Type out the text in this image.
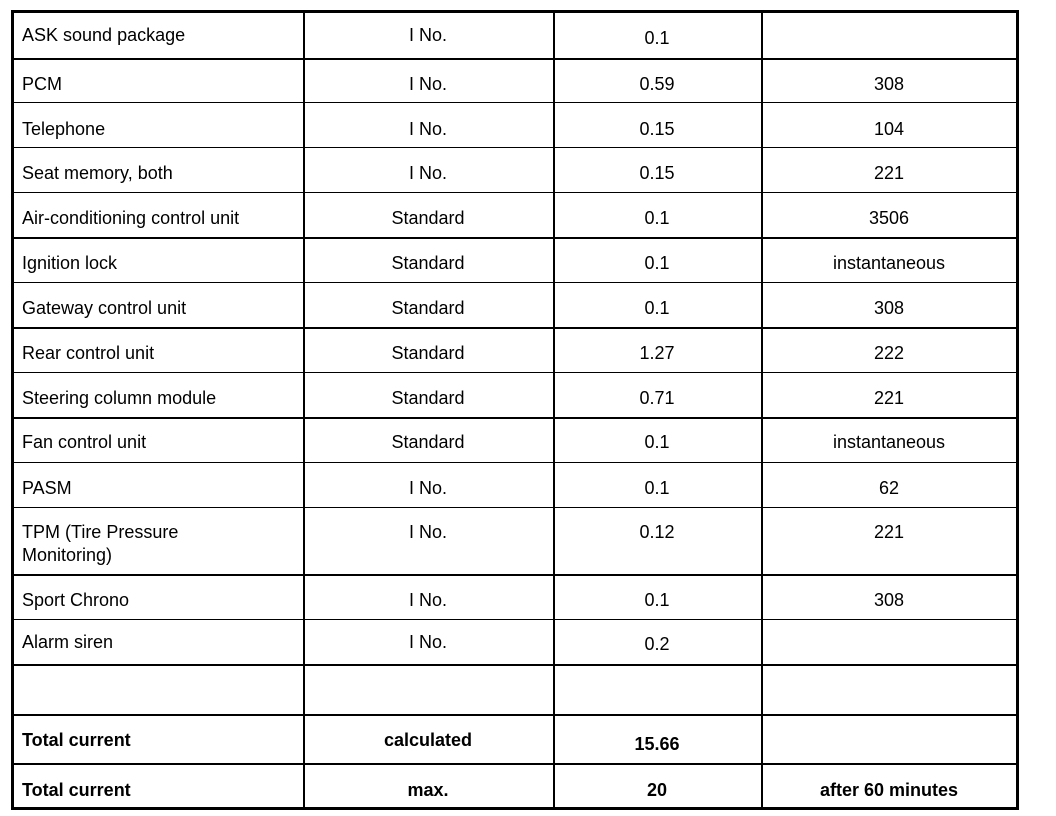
ASK sound package	I No.	0.1
PCM	I No.	0.59	308
Telephone	I No.	0.15	104
Seat memory, both	I No.	0.15	221
Air-conditioning control unit	Standard	0.1	3506
Ignition lock	Standard	0.1	instantaneous
Gateway control unit	Standard	0.1	308
Rear control unit	Standard	1.27	222
Steering column module	Standard	0.71	221
Fan control unit	Standard	0.1	instantaneous
PASM	I No.	0.1	62
TPM (Tire Pressure
Monitoring)
I No.	0.12	221
Sport Chrono	I No.	0.1	308
Alarm siren	I No.	0.2
Total current	calculated	15.66
Total current	max.	20	after 60 minutes
